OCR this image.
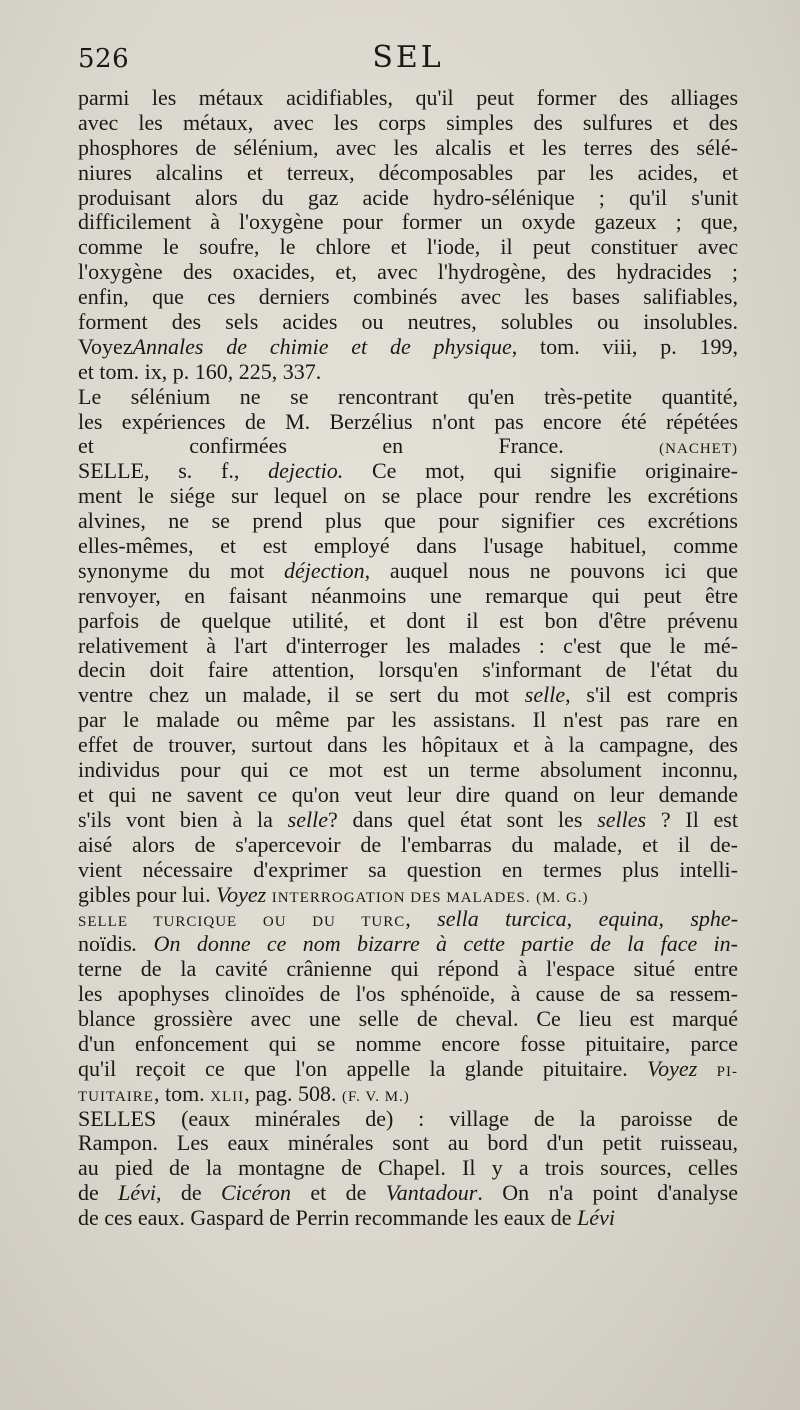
526	SEL
parmi les métaux acidifiables, qu'il peut former des alliages
avec les métaux, avec les corps simples des sulfures et des
phosphores de sélénium, avec les alcalis et les terres des sélé-
niures alcalins et terreux, décomposables par les acides, et
produisant alors du gaz acide hydro-sélénique ; qu'il s'unit
difficilement à l'oxygène pour former un oxyde gazeux ; que,
comme le soufre, le chlore et l'iode, il peut constituer avec
l'oxygène des oxacides, et, avec l'hydrogène, des hydracides ;
enfin, que ces derniers combinés avec les bases salifiables,
forment des sels acides ou neutres, solubles ou insolubles.
VoyezAnnales de chimie et de physique, tom. viii, p. 199,
et tom. ix, p. 160, 225, 337.
Le sélénium ne se rencontrant qu'en très-petite quantité,
les expériences de M. Berzélius n'ont pas encore été répétées
et confirmées en France. (NACHET)
SELLE, s. f., dejectio. Ce mot, qui signifie originaire-
ment le siége sur lequel on se place pour rendre les excrétions
alvines, ne se prend plus que pour signifier ces excrétions
elles-mêmes, et est employé dans l'usage habituel, comme
synonyme du mot déjection, auquel nous ne pouvons ici que
renvoyer, en faisant néanmoins une remarque qui peut être
parfois de quelque utilité, et dont il est bon d'être prévenu
relativement à l'art d'interroger les malades : c'est que le mé-
decin doit faire attention, lorsqu'en s'informant de l'état du
ventre chez un malade, il se sert du mot selle, s'il est compris
par le malade ou même par les assistans. Il n'est pas rare en
effet de trouver, surtout dans les hôpitaux et à la campagne, des
individus pour qui ce mot est un terme absolument inconnu,
et qui ne savent ce qu'on veut leur dire quand on leur demande
s'ils vont bien à la selle? dans quel état sont les selles ? Il est
aisé alors de s'apercevoir de l'embarras du malade, et il de-
vient nécessaire d'exprimer sa question en termes plus intelli-
gibles pour lui. Voyez INTERROGATION DES MALADES. (M. G.)
SELLE TURCIQUE OU DU TURC, sella turcica, equina, sphe-
noïdis. On donne ce nom bizarre à cette partie de la face in-
terne de la cavité crânienne qui répond à l'espace situé entre
les apophyses clinoïdes de l'os sphénoïde, à cause de sa ressem-
blance grossière avec une selle de cheval. Ce lieu est marqué
d'un enfoncement qui se nomme encore fosse pituitaire, parce
qu'il reçoit ce que l'on appelle la glande pituitaire. Voyez PI-
TUITAIRE, tom. XLII, pag. 508. (F. V. M.)
SELLES (eaux minérales de) : village de la paroisse de
Rampon. Les eaux minérales sont au bord d'un petit ruisseau,
au pied de la montagne de Chapel. Il y a trois sources, celles
de Lévi, de Cicéron et de Vantadour. On n'a point d'analyse
de ces eaux. Gaspard de Perrin recommande les eaux de Lévi
